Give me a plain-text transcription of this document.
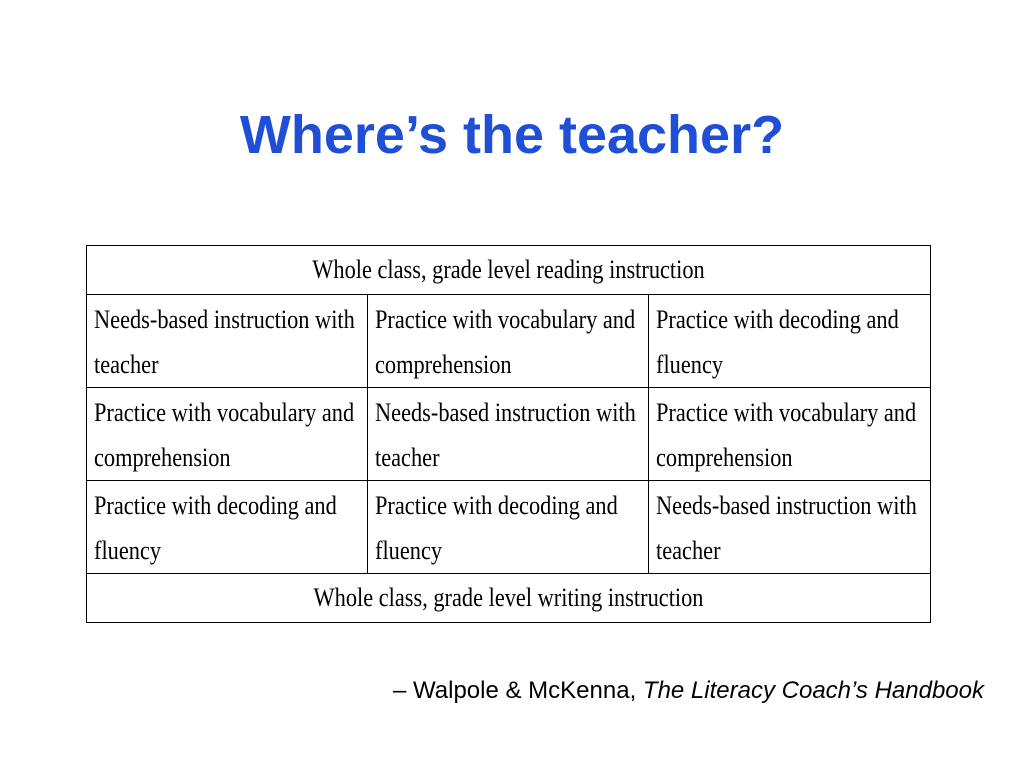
Where’s the teacher?
Whole class, grade level reading instruction		

Needs-based instruction with teacher	Practice with vocabulary and comprehension	Practice with decoding and fluency

Practice with vocabulary and comprehension	Needs-based instruction with teacher	Practice with vocabulary and comprehension

Practice with decoding and fluency	Practice with decoding and fluency	Needs-based instruction with teacher

Whole class, grade level writing instruction		
– Walpole & McKenna, The Literacy Coach’s Handbook
